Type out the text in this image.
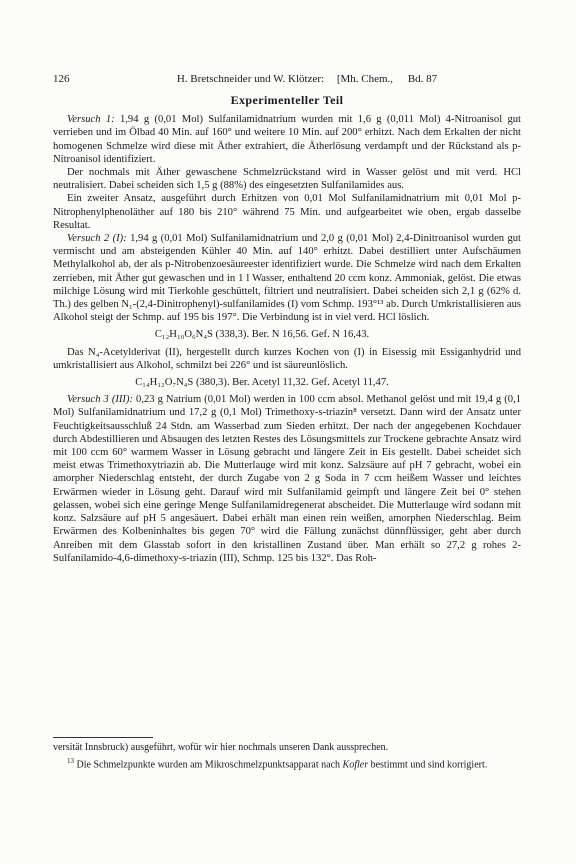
126	H. Bretschneider und W. Klötzer: [Mh. Chem., Bd. 87
Experimenteller Teil

Versuch 1: 1,94 g (0,01 Mol) Sulfanilamidnatrium wurden mit 1,6 g (0,011 Mol) 4-Nitroanisol gut verrieben und im Ölbad 40 Min. auf 160° und weitere 10 Min. auf 200° erhitzt. Nach dem Erkalten der nicht homogenen Schmelze wird diese mit Äther extrahiert, die Ätherlösung verdampft und der Rückstand als p-Nitroanisol identifiziert.

Der nochmals mit Äther gewaschene Schmelzrückstand wird in Wasser gelöst und mit verd. HCl neutralisiert. Dabei scheiden sich 1,5 g (88%) des eingesetzten Sulfanilamides aus.

Ein zweiter Ansatz, ausgeführt durch Erhitzen von 0,01 Mol Sulfanilamidnatrium mit 0,01 Mol p-Nitrophenylphenoläther auf 180 bis 210° während 75 Min. und aufgearbeitet wie oben, ergab dasselbe Resultat.

Versuch 2 (I): 1,94 g (0,01 Mol) Sulfanilamidnatrium und 2,0 g (0,01 Mol) 2,4-Dinitroanisol wurden gut vermischt und am absteigenden Kühler 40 Min. auf 140° erhitzt. Dabei destilliert unter Aufschäumen Methylalkohol ab, der als p-Nitrobenzoesäureester identifiziert wurde. Die Schmelze wird nach dem Erkalten zerrieben, mit Äther gut gewaschen und in 1 l Wasser, enthaltend 20 ccm konz. Ammoniak, gelöst. Die etwas milchige Lösung wird mit Tierkohle geschüttelt, filtriert und neutralisiert. Dabei scheiden sich 2,1 g (62% d. Th.) des gelben N₁-(2,4-Dinitrophenyl)-sulfanilamides (I) vom Schmp. 193°¹³ ab. Durch Umkristallisieren aus Alkohol steigt der Schmp. auf 195 bis 197°. Die Verbindung ist in viel verd. HCl löslich.

C₁₂H₁₀O₆N₄S (338,3). Ber. N 16,56. Gef. N 16,43.

Das N₄-Acetylderivat (II), hergestellt durch kurzes Kochen von (I) in Eisessig mit Essiganhydrid und umkristallisiert aus Alkohol, schmilzt bei 226° und ist säureunlöslich.

C₁₄H₁₂O₇N₄S (380,3). Ber. Acetyl 11,32. Gef. Acetyl 11,47.

Versuch 3 (III): 0,23 g Natrium (0,01 Mol) werden in 100 ccm absol. Methanol gelöst und mit 19,4 g (0,1 Mol) Sulfanilamidnatrium und 17,2 g (0,1 Mol) Trimethoxy-s-triazin⁸ versetzt. Dann wird der Ansatz unter Feuchtigkeitsausschluß 24 Stdn. am Wasserbad zum Sieden erhitzt. Der nach der angegebenen Kochdauer durch Abdestillieren und Absaugen des letzten Restes des Lösungsmittels zur Trockene gebrachte Ansatz wird mit 100 ccm 60° warmem Wasser in Lösung gebracht und längere Zeit in Eis gestellt. Dabei scheidet sich meist etwas Trimethoxytriazin ab. Die Mutterlauge wird mit konz. Salzsäure auf pH 7 gebracht, wobei ein amorpher Niederschlag entsteht, der durch Zugabe von 2 g Soda in 7 ccm heißem Wasser und leichtes Erwärmen wieder in Lösung geht. Darauf wird mit Sulfanilamid geimpft und längere Zeit bei 0° stehen gelassen, wobei sich eine geringe Menge Sulfanilamidregenerat abscheidet. Die Mutterlauge wird sodann mit konz. Salzsäure auf pH 5 angesäuert. Dabei erhält man einen rein weißen, amorphen Niederschlag. Beim Erwärmen des Kolbeninhaltes bis gegen 70° wird die Fällung zunächst dünnflüssiger, geht aber durch Anreiben mit dem Glasstab sofort in den kristallinen Zustand über. Man erhält so 27,2 g rohes 2-Sulfanilamido-4,6-dimethoxy-s-triazin (III), Schmp. 125 bis 132°. Das Roh-

versität Innsbruck) ausgeführt, wofür wir hier nochmals unseren Dank aussprechen.

$^{13}$ Die Schmelzpunkte wurden am Mikroschmelzpunktsapparat nach Kofler bestimmt und sind korrigiert.
